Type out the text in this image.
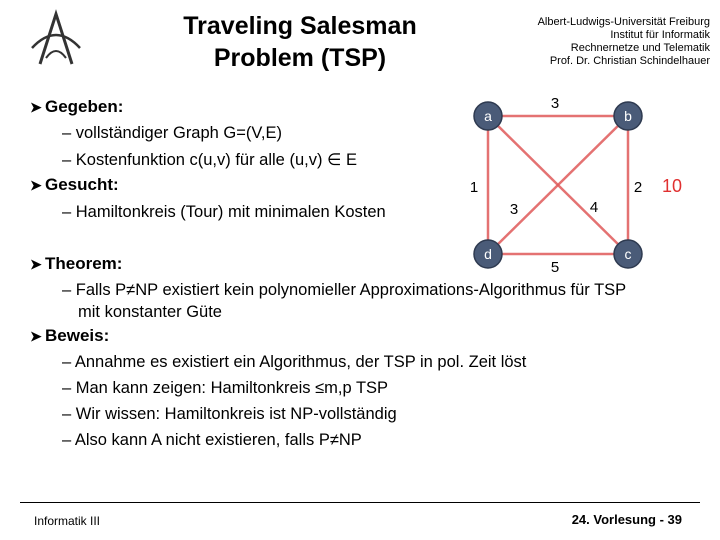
Traveling Salesman
Problem (TSP)
Albert-Ludwigs-Universität Freiburg
Institut für Informatik
Rechnernetze und Telematik
Prof. Dr. Christian Schindelhauer
➤ Gegeben:
– vollständiger Graph G=(V,E)
– Kostenfunktion c(u,v) für alle (u,v) ∈ E
➤ Gesucht:
– Hamiltonkreis (Tour) mit minimalen Kosten
a	b
c
d
3
5
1	2
3	4
10
➤ Theorem:
– Falls P≠NP existiert kein polynomieller Approximations-Algorithmus für TSP
mit konstanter Güte
➤ Beweis:
– Annahme es existiert ein Algorithmus, der TSP in pol. Zeit löst
– Man kann zeigen: Hamiltonkreis ≤m,p TSP
– Wir wissen: Hamiltonkreis ist NP-vollständig
– Also kann A nicht existieren, falls P≠NP
Informatik III	24. Vorlesung - 39
